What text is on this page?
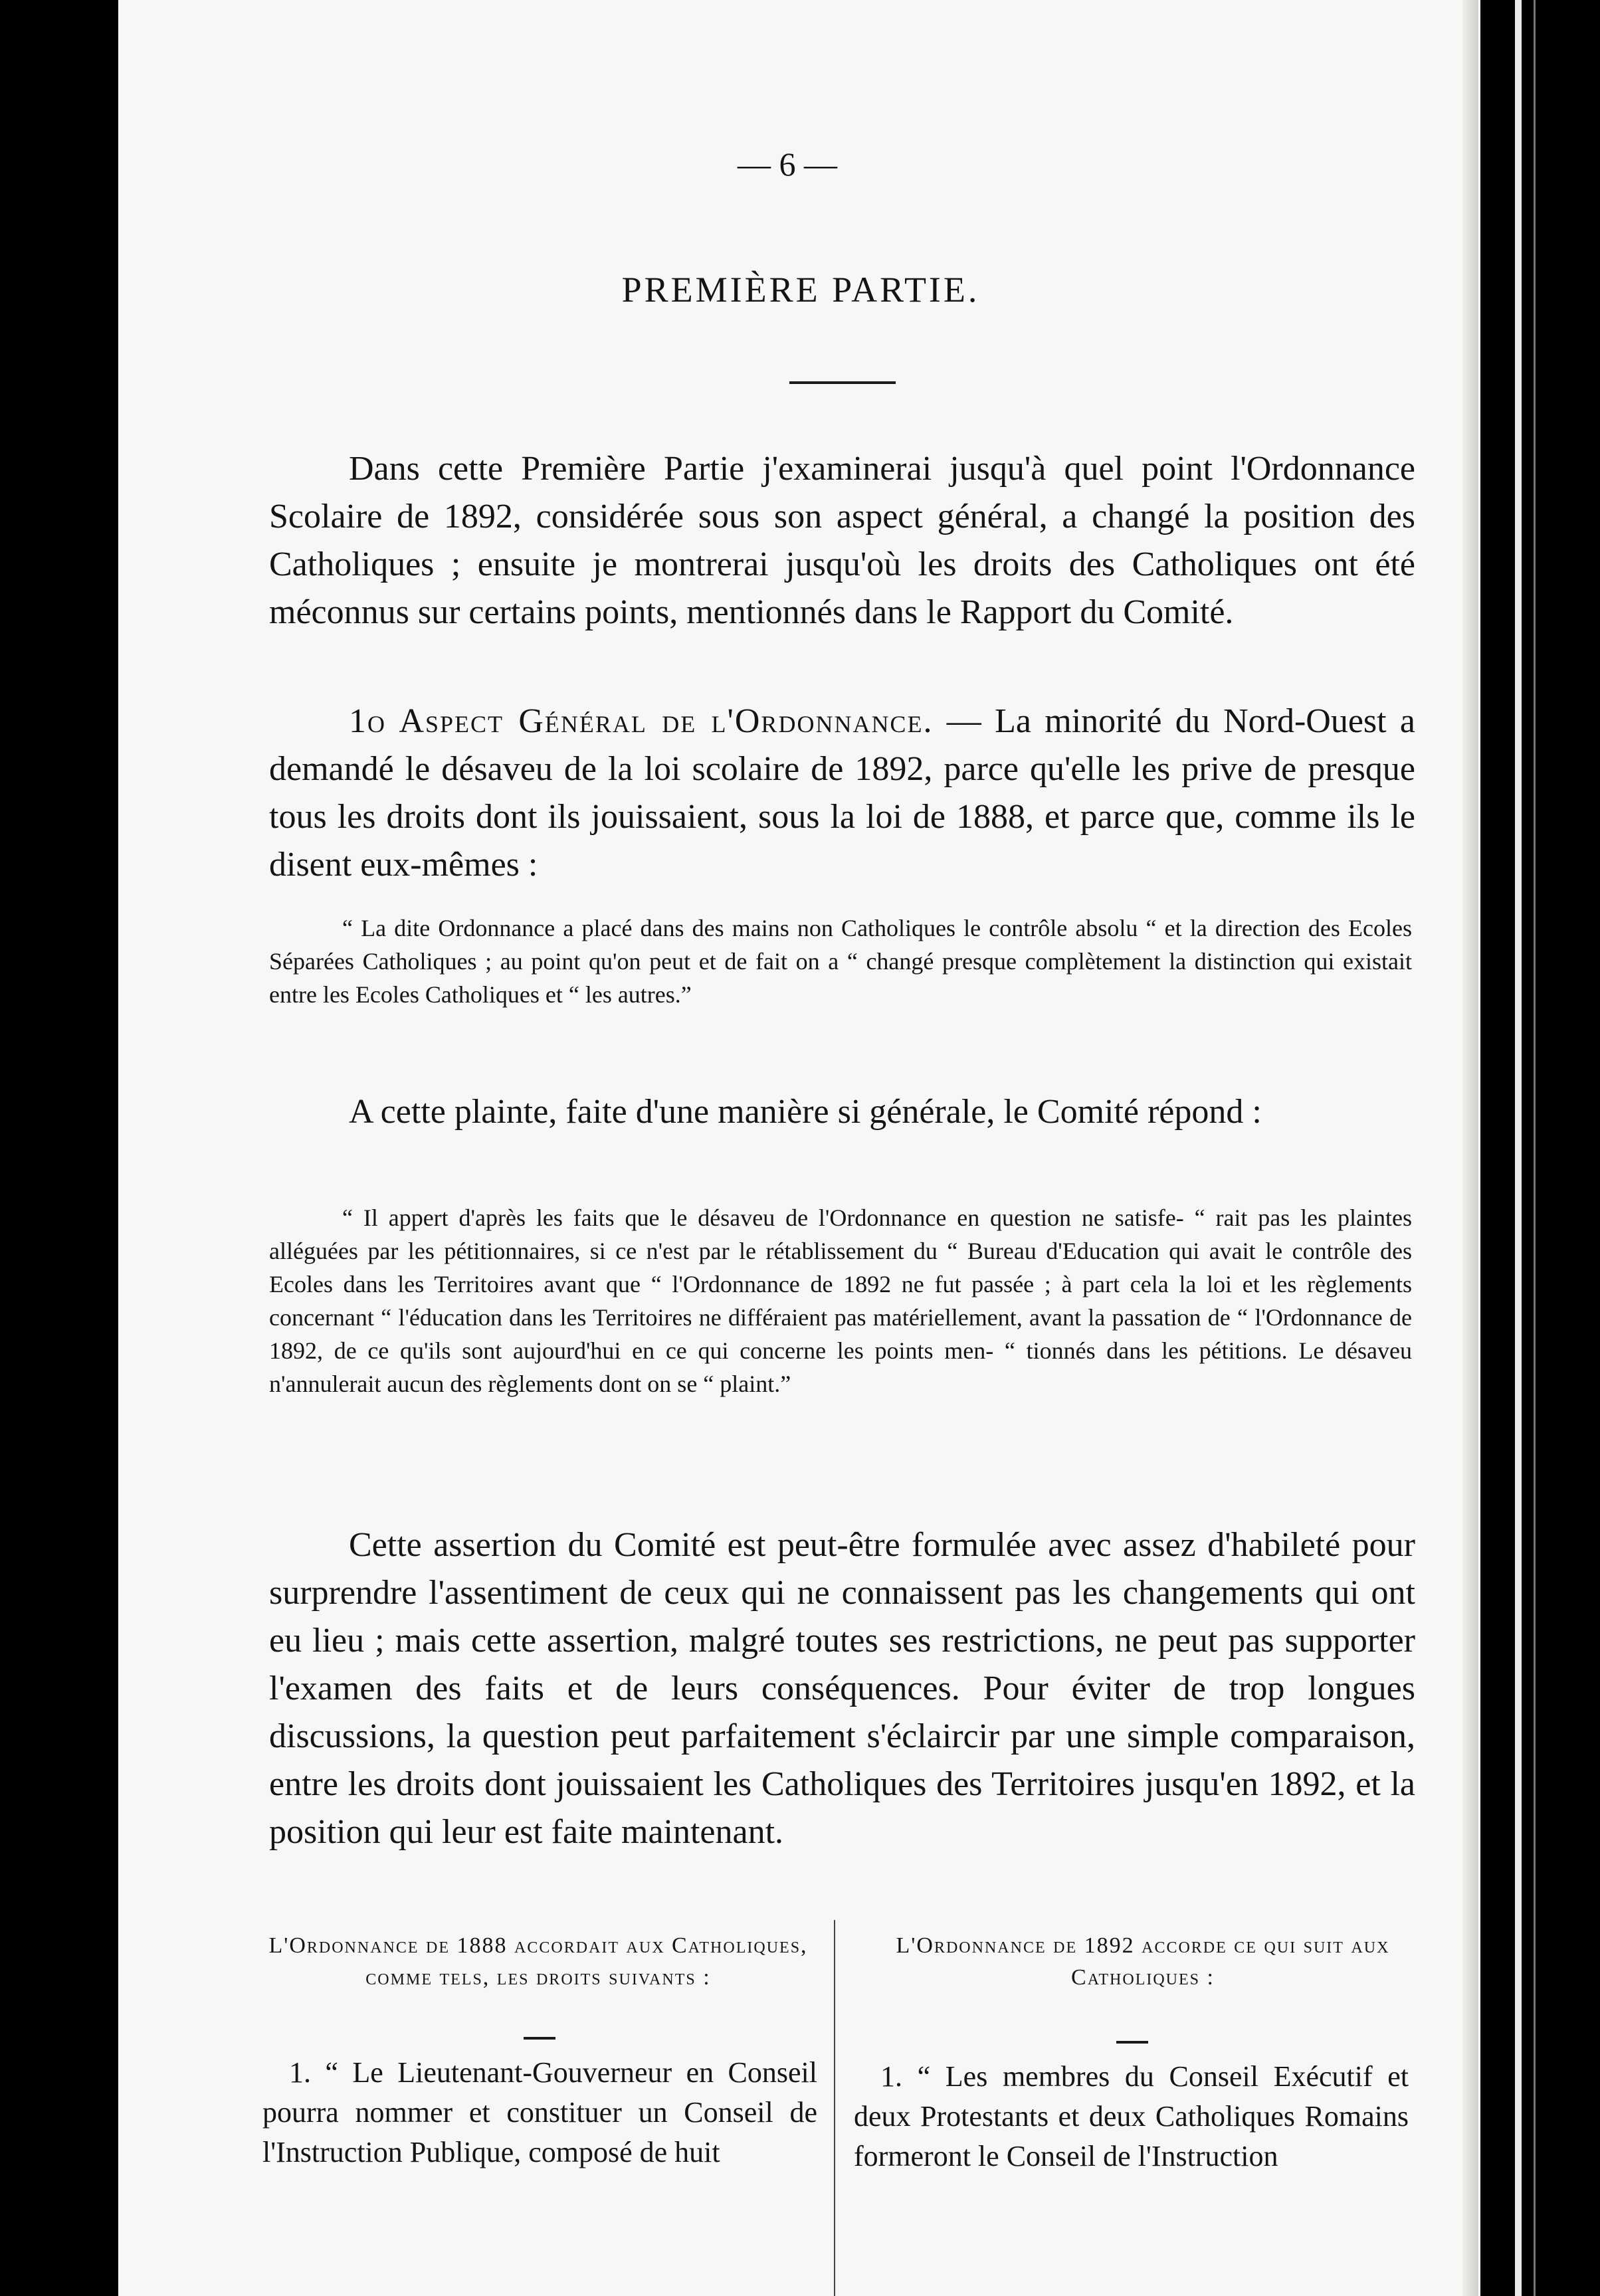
— 6 —
PREMIÈRE PARTIE.

Dans cette Première Partie j'examinerai jusqu'à quel point l'Ordonnance Scolaire de 1892, considérée sous son aspect général, a changé la position des Catholiques ; ensuite je montrerai jusqu'où les droits des Catholiques ont été méconnus sur certains points, mentionnés dans le Rapport du Comité.

1o Aspect Général de l'Ordonnance. — La minorité du Nord-Ouest a demandé le désaveu de la loi scolaire de 1892, parce qu'elle les prive de presque tous les droits dont ils jouissaient, sous la loi de 1888, et parce que, comme ils le disent eux-mêmes :

“ La dite Ordonnance a placé dans des mains non Catholiques le contrôle absolu “ et la direction des Ecoles Séparées Catholiques ; au point qu'on peut et de fait on a “ changé presque complètement la distinction qui existait entre les Ecoles Catholiques et “ les autres.”

A cette plainte, faite d'une manière si générale, le Comité répond :

“ Il appert d'après les faits que le désaveu de l'Ordonnance en question ne satisfe- “ rait pas les plaintes alléguées par les pétitionnaires, si ce n'est par le rétablissement du “ Bureau d'Education qui avait le contrôle des Ecoles dans les Territoires avant que “ l'Ordonnance de 1892 ne fut passée ; à part cela la loi et les règlements concernant “ l'éducation dans les Territoires ne différaient pas matériellement, avant la passation de “ l'Ordonnance de 1892, de ce qu'ils sont aujourd'hui en ce qui concerne les points men- “ tionnés dans les pétitions. Le désaveu n'annulerait aucun des règlements dont on se “ plaint.”

Cette assertion du Comité est peut-être formulée avec assez d'habileté pour surprendre l'assentiment de ceux qui ne connaissent pas les changements qui ont eu lieu ; mais cette assertion, malgré toutes ses restrictions, ne peut pas supporter l'examen des faits et de leurs conséquences. Pour éviter de trop longues discussions, la question peut parfaitement s'éclaircir par une simple comparaison, entre les droits dont jouissaient les Catholiques des Territoires jusqu'en 1892, et la position qui leur est faite maintenant.

L'Ordonnance de 1888 accordait aux Catholiques, comme tels, les droits suivants :
L'Ordonnance de 1892 accorde ce qui suit aux Catholiques :

1. “ Le Lieutenant-Gouverneur en Conseil pourra nommer et constituer un Conseil de l'Instruction Publique, composé de huit

1. “ Les membres du Conseil Exécutif et deux Protestants et deux Catholiques Romains formeront le Conseil de l'Instruction
